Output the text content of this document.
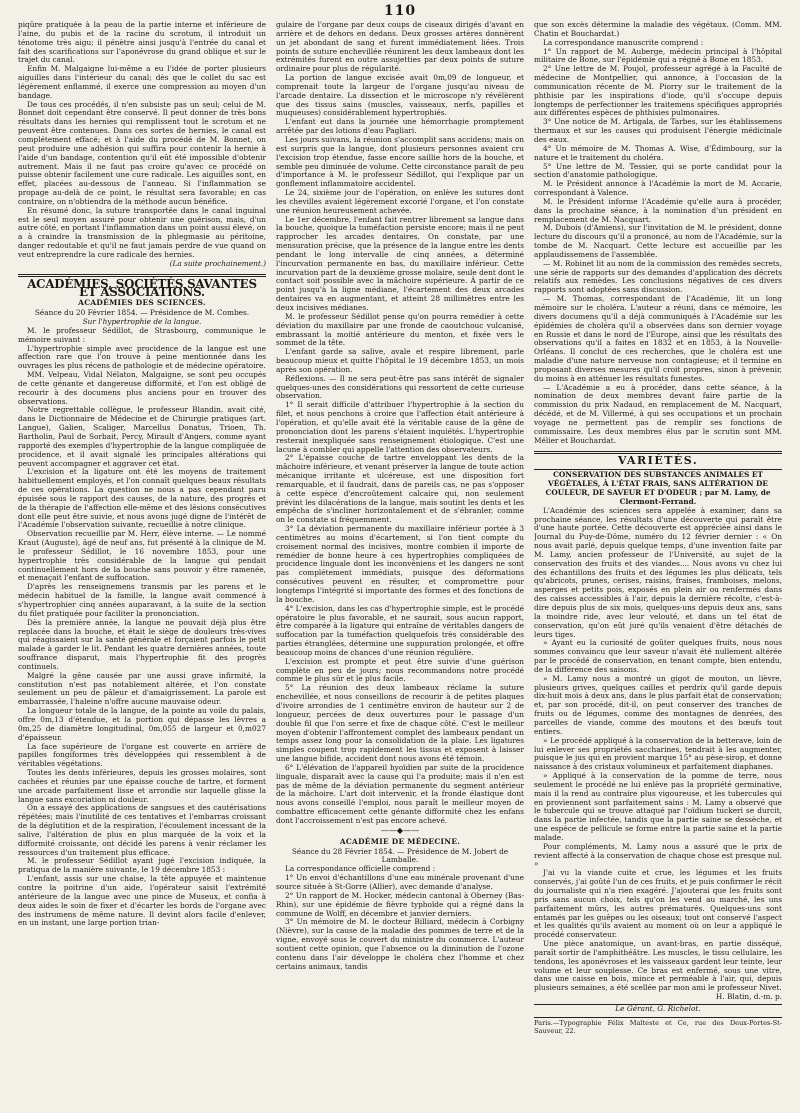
110

piqûre pratiquée à la peau de la partie interne et inférieure de l'aine, du pubis et de la racine du scrotum, il introduit un ténotome très aigu; il pénètre ainsi jusqu'à l'entrée du canal et fait des scarifications sur l'aponévrose du grand oblique et sur le trajet du canal.

Enfin M. Malgaigne lui-même a eu l'idée de porter plusieurs aiguilles dans l'intérieur du canal; dès que le collet du sac est légèrement enflammé, il exerce une compression au moyen d'un bandage.

De tous ces procédés, il n'en subsiste pas un seul; celui de M. Bonnet doit cependant être conservé. Il peut donner de très bons résultats dans les hernies qui remplissent tout le scrotum et ne peuvent être contenues. Dans ces sortes de hernies, le canal est complétement effacé; et à l'aide du procédé de M. Bonnet, on peut produire une adhésion qui suffira pour contenir la hernie à l'aide d'un bandage, contention qu'il eût été impossible d'obtenir autrement. Mais il ne faut pas croire qu'avec ce procédé on puisse obtenir facilement une cure radicale. Les aiguilles sont, en effet, placées au-dessous de l'anneau. Si l'inflammation se propage au-delà de ce point, le résultat sera favorable; en cas contraire, on n'obtiendra de la méthode aucun bénéfice.

En résumé donc, la suture transportée dans le canal inguinal est le seul moyen assuré pour obtenir une guérison, mais, d'un autre côté, en portant l'inflammation dans un point aussi élevé, on a à craindre la transmission de la phlegmasie au péritoine, danger redoutable et qu'il ne faut jamais perdre de vue quand on veut entreprendre la cure radicale des hernies.

(La suite prochainement.)
ACADÉMIES, SOCIÉTÉS SAVANTES ET ASSOCIATIONS.
ACADÉMIES DES SCIENCES.
Séance du 20 Février 1854. — Présidence de M. Combes.
Sur l'hypertrophie de la langue.

M. le professeur Sédillot, de Strasbourg, communique le mémoire suivant :

L'hypertrophie simple avec procidence de la langue est une affection rare que l'on trouve à peine mentionnée dans les ouvrages les plus récens de pathologie et de médecine opératoire.

MM. Velpeau, Vidal Nélaton, Malgaigne, se sont peu occupés de cette génante et dangereuse difformité, et l'on est obligé de recourir à des documens plus anciens pour en trouver des observations.

Notre regrettable collègue, le professeur Blandin, avait cité, dans le Dictionnaire de Médecine et de Chirurgie pratiques (art. Langue), Galien, Scaliger, Marcellus Donatus, Trioen, Th. Bartholin, Paul de Sorbait, Percy, Mirault d'Angers, comme ayant rapporté des exemples d'hypertrophie de la langue compliquée de procidence, et il avait signalé les principales altérations qui peuvent accompagner et aggraver cet état.

L'excision et la ligature ont été les moyens de traitement habituellement employés, et l'on connaît quelques beaux résultats de ces opérations. La question ne nous a pas cependant paru épuisée sous le rapport des causes, de la nature, des progrès et de la thérapie de l'affection elle-même et des lésions consécutives dont elle peut être suivie, et nous avons jugé digne de l'intérêt de l'Académie l'observation suivante, recueillie à notre clinique.

Observation recueillie par M. Herr, élève interne. — Le nommé Kraut (Auguste), âgé de neuf ans, fut présenté à la clinique de M. le professeur Sédillot, le 16 novembre 1853, pour une hypertrophie très considérable de la langue qui pendait continuellement hors de la bouche sans pouvoir y être ramenée, et menaçait l'enfant de suffocation.

D'après les renseignemens transmis par les parens et le médecin habituel de la famille, la langue avait commencé à s'hypertrophier cinq années auparavant, à la suite de la section du filet pratiquée pour faciliter la prononciation.

Dès la première année, la langue ne pouvait déjà plus être replacée dans la bouche, et était le siège de douleurs très-vives qui réagissaient sur la santé générale et forçaient parfois le petit malade à garder le lit. Pendant les quatre dernières années, toute souffrance disparut, mais l'hypertrophie fit des progrès continuels.

Malgré la gêne causée par une aussi grave infirmité, la constitution n'est pas notablement altérée, et l'on constate seulement un peu de pâleur et d'amaigrissement. La parole est embarrassée, l'haleine n'offre aucune mauvaise odeur.

La longueur totale de la langue, de la pointe au voile du palais, offre 0m,13 d'étendue, et la portion qui dépasse les lèvres a 0m,25 de diamètre longitudinal, 0m,055 de largeur et 0,m027 d'épaisseur.

La face supérieure de l'organe est couverte en arrière de papilles fongiformes très développées qui ressemblent à de véritables végétations.

Toutes les dents inférieures, depuis les grosses molaires, sont cachées et réunies par une épaisse couche de tartre, et forment une arcade parfaitement lisse et arrondie sur laquelle glisse la langue sans excoriation ni douleur.

On a essayé des applications de sangsues et des cautérisations répétées; mais l'inutilité de ces tentatives et l'embarras croissant de la déglutition et de la respiration, l'écoulement incessant de la salive, l'altération de plus en plus marquée de la voix et la difformité croissante, ont décidé les parens à venir réclamer les ressources d'un traitement plus efficace.

M. le professeur Sédillot ayant jugé l'excision indiquée, la pratiqua de la manière suivante, le 19 décembre 1853 :

L'enfant, assis sur une chaise, la tête appuyée et maintenue contre la poitrine d'un aide, l'opérateur saisit l'extrémité antérieure de la langue avec une pince de Museux, et confia à deux aides le soin de fixer et d'écarter les bords de l'organe avec des instrumens de même nature. Il devint alors facile d'enlever, en un instant, une large portion trian-

gulaire de l'organe par deux coups de ciseaux dirigés d'avant en arrière et de dehors en dedans. Deux grosses artères donnèrent un jet abondant de sang et furent immédiatement liées. Trois points de suture enchevillée réunirent les deux lambeaux dont les extrémités furent en outre assujetties par deux points de suture ordinaire pour plus de régularité.

La portion de langue excisée avait 0m,09 de longueur, et comprenait toute la largeur de l'organe jusqu'au niveau de l'arcade dentaire. La dissection et le microscope n'y révélèrent que des tissus sains (muscles, vaisseaux, nerfs, papilles et muqueuses) considérablement hypertrophiés.

L'enfant eut dans la journée une hémorrhagie promptement arrêtée par des lotions d'eau Pagliari.

Les jours suivans, la réunion s'accomplit sans accidens; mais on est surpris que la langue, dont plusieurs personnes avaient cru l'excision trop étendue, fasse encore saillie hors de la bouche, et semble peu diminuée de volume. Cette circonstance paraît de peu d'importance à M. le professeur Sédillot, qui l'explique par un gonflement inflammatoire accidentel.

Le 24, sixième jour de l'opération, on enlève les sutures dont les chevilles avaient légèrement excorié l'organe, et l'on constate une réunion heureusement achevée.

Le 1er décembre, l'enfant fait rentrer librement sa langue dans la bouche, quoique la tuméfaction persiste encore; mais il ne peut rapprocher les arcades dentaires. On constate, par une mensuration précise, que la présence de la langue entre les dents pendant le long intervalle de cinq années, a déterminé l'incurvation permanente en bas, du maxillaire inférieur. Cette incurvation part de la deuxième grosse molaire, seule dent dont le contact soit possible avec la mâchoire supérieure. À partir de ce point jusqu'à la ligne médiane, l'écartement des deux arcades dentaires va en augmentant, et atteint 28 millimètres entre les deux incisives médianes.

M. le professeur Sédillot pense qu'on pourra remédier à cette déviation du maxillaire par une fronde de caoutchouc vulcanisé, embrassant la moitié antérieure du menton, et fixée vers le sommet de la tête.

L'enfant garde sa salive, avale et respire librement, parle beaucoup mieux et quitte l'hôpital le 19 décembre 1853, un mois après son opération.

Réflexions. — Il ne sera peut-être pas sans intérêt de signaler quelques-unes des considérations qui ressortent de cette curieuse observation.

1° Il serait difficile d'attribuer l'hypertrophie à la section du filet, et nous penchons à croire que l'affection était antérieure à l'opération, et qu'elle avait été la véritable cause de la gêne de prononciation dont les parens s'étaient inquiétés. L'hypertrophie resterait inexpliquée sans renseignement étiologique. C'est une lacune à combler qui appelle l'attention des observateurs.

2° L'épaisse couche de tartre enveloppant les dents de la mâchoire inférieure, et venant préserver la langue de toute action mécanique irritante et ulcéreuse, est une disposition fort remarquable, et il faudrait, dans de pareils cas, ne pas s'opposer à cette espèce d'encroûtement calcaire qui, non seulement prévint les dilacérations de la langue, mais soutint les dents et les empêcha de s'incliner horizontalement et de s'ébranler, comme on le constate si fréquemment.

3° La déviation permanente du maxillaire inférieur portée à 3 centimètres au moins d'écartement, si l'on tient compte du croisement normal des incisives, montre combien il importe de remédier de bonne heure à ces hypertrophies compliquées de procidence linguale dont les inconvéniens et les dangers ne sont pas complétement immédiats, puisque des déformations consécutives peuvent en résulter, et compromettre pour longtemps l'intégrité si importante des formes et des fonctions de la bouche.

4° L'excision, dans les cas d'hypertrophie simple, est le procédé opératoire le plus favorable, et ne saurait, sous aucun rapport, être comparée à la ligature qui entraîne de véritables dangers de suffocation par la tuméfaction quelquefois très considérable des parties étranglées, détermine une suppuration prolongée, et offre beaucoup moins de chances d'une réunion régulière.

L'excision est prompte et peut être suivie d'une guérison complète en peu de jours; nous recommandons notre procédé comme le plus sûr et le plus facile.

5° La réunion des deux lambeaux réclame la suture enchevillée, et nous conseillons de recourir à de petites plaques d'ivoire arrondies de 1 centimètre environ de hauteur sur 2 de longueur, percées de deux ouvertures pour le passage d'un double fil que l'on serre et fixe de chaque côté. C'est le meilleur moyen d'obtenir l'affrontement complet des lambeaux pendant un temps assez long pour la consolidation de la plaie. Les ligatures simples coupent trop rapidement les tissus et exposent à laisser une langue bifide, accident dont nous avons été témoin.

6° L'élévation de l'appareil hyoïdien par suite de la procidence linguale, disparaît avec la cause qui l'a produite; mais il n'en est pas de même de la déviation permanente du segment antérieur de la mâchoire. L'art doit intervenir, et la fronde élastique dont nous avons conseillé l'emploi, nous paraît le meilleur moyen de combattre efficacement cette génante difformité chez les enfans dont l'accroissement n'est pas encore achevé.

——◆——
ACADÉMIE DE MÉDECINE.
Séance du 28 Février 1854. — Présidence de M. Jobert de Lamballe.

La correspondance officielle comprend :

1° Un envoi d'échantillons d'une eau minérale provenant d'une source située à St-Gorre (Allier), avec demande d'analyse.

2° Un rapport de M. Hocker, médecin cantonal à Oberney (Bas-Rhin), sur une épidémie de fièvre typhoïde qui a régné dans la commune de Wolff, en décembre et janvier derniers.

3° Un mémoire de M. le docteur Billiard, médecin à Corbigny (Nièvre), sur la cause de la maladie des pommes de terre et de la vigne, envoyé sous le couvert du ministre du commerce. L'auteur soutient cette opinion, que l'absence ou la diminution de l'ozone contenu dans l'air développe le choléra chez l'homme et chez certains animaux, tandis

que son excès détermine la maladie des végétaux. (Comm. MM. Chatin et Bouchardat.)

La correspondance manuscrite comprend :

1° Un rapport de M. Auberge, médecin principal à l'hôpital militaire de Bone, sur l'épidémie qui a régné à Bone en 1853.

2° Une lettre de M. Poujol, professeur agrégé à la Faculté de médecine de Montpellier, qui annonce, à l'occasion de la communication récente de M. Piorry sur le traitement de la phthisie par les inspirations d'iode, qu'il s'occupe depuis longtemps de perfectionner les traitemens spécifiques appropriés aux différentes espèces de phthisies pulmonaires.

3° Une notice de M. Artigala, de Tarbes, sur les établissemens thermaux et sur les causes qui produisent l'énergie médicinale des eaux.

4° Un mémoire de M. Thomas A. Wise, d'Édimbourg, sur la nature et le traitement du choléra.

5° Une lettre de M. Tessier, qui se porte candidat pour la section d'anatomie pathologique.

M. le Président annonce à l'Académie la mort de M. Accarie, correspondant à Valence.

M. le Président informe l'Académie qu'elle aura à procéder, dans la prochaine séance, à la nomination d'un président en remplacement de M. Nacquart.

M. Dubois (d'Amiens), sur l'invitation de M. le président, donne lecture du discours qu'il a prononcé, au nom de l'Académie, sur la tombe de M. Nacquart. Cette lecture est accueillie par les applaudissemens de l'assemblée.

— M. Robinet lit au nom de la commission des remèdes secrets, une série de rapports sur des demandes d'application des décrets relatifs aux remèdes. Les conclusions négatives de ces divers rapports sont adoptées sans discussion.

— M. Thomas, correspondant de l'Académie, lit un long mémoire sur le choléra. L'auteur a réuni, dans ce mémoire, les divers documens qu'il a déjà communiqués à l'Académie sur les épidémies de choléra qu'il a observées dans son dernier voyage en Russie et dans le nord de l'Europe, ainsi que les résultats des observations qu'il a faites en 1832 et en 1853, à la Nouvelle-Orléans. Il conclut de ces recherches, que le choléra est une maladie d'une nature nerveuse non contagieuse; et il termine en proposant diverses mesures qu'il croit propres, sinon à prévenir, du moins à en atténuer les résultats funestes.

— L'Académie a eu à procéder, dans cette séance, à la nomination de deux membres devant faire partie de la commission du prix Nadaud, en remplacement de M. Nacquart, décédé, et de M. Villermé, à qui ses occupations et un prochain voyage ne permettent pas de remplir ses fonctions de commissaire. Les deux membres élus par le scrutin sont MM. Mélier et Bouchardat.

VARIÉTÉS.

CONSERVATION DES SUBSTANCES ANIMALES ET VÉGÉTALES, À L'ÉTAT FRAIS, SANS ALTÉRATION DE COULEUR, DE SAVEUR ET D'ODEUR ; par M. Lamy, de Clermont-Ferrand.

L'Académie des sciences sera appelée à examiner, dans sa prochaine séance, les résultats d'une découverte qui paraît être d'une haute portée. Cette découverte est appréciée ainsi dans le Journal du Puy-de-Dôme, numéro du 12 février dernier : « On nous avait parlé, depuis quelque temps, d'une invention faite par M. Lamy, ancien professeur de l'Université, au sujet de la conservation des fruits et des viandes.... Nous avons vu chez lui des échantillons des fruits et des légumes les plus délicats, tels qu'abricots, prunes, cerises, raisins, fraises, framboises, melons, asperges et petits pois, exposés en plein air ou renfermés dans des caisses accessibles à l'air, depuis la dernière récolte, c'est-à-dire depuis plus de six mois, quelques-uns depuis deux ans, sans la moindre ride, avec leur velouté, et dans un tel état de conservation, qu'on eût juré qu'ils venaient d'être détachés de leurs tiges.

» Ayant eu la curiosité de goûter quelques fruits, nous nous sommes convaincu que leur saveur n'avait été nullement altérée par le procédé de conservation, en tenant compte, bien entendu, de la différence des saisons.

» M. Lamy nous a montré un gigot de mouton, un lièvre, plusieurs grives, quelques cailles et perdrix qu'il garde depuis dix-huit mois à deux ans, dans le plus parfait état de conservation; et, par son procédé, dit-il, on peut conserver des tranches de fruits ou de légumes, comme des montagnes de denrées, des parcelles de viande, comme des moutons et des bœufs tout entiers.

» Le procédé appliqué à la conservation de la betterave, loin de lui enlever ses propriétés saccharines, tendrait à les augmenter, puisque le jus qui en provient marque 15° au pèse-sirop, et donne naissance à des cristaux volumineux et parfaitement diaphanes.

» Appliqué à la conservation de la pomme de terre, nous seulement le procédé ne lui enlève pas la propriété germinative, mais il la rend au contraire plus vigoureuse, et les tubercules qui en proviennent sont parfaitement sains : M. Lamy a observé que le tubercule qui se trouve attaqué par l'oïdium tuckeri se durcit, dans la partie infectée, tandis que la partie saine se dessèche, et une espèce de pellicule se forme entre la partie saine et la partie malade.

Pour compléments, M. Lamy nous a assuré que le prix de revient affecté à la conservation de chaque chose est presque nul. »

J'ai vu la viande cuite et crue, les légumes et les fruits conservés, j'ai goûté l'un de ces fruits, et je puis confirmer le récit du journaliste qui n'a rien exagéré. J'ajouterai que les fruits sont pris sans aucun choix, tels qu'on les vend au marché, les uns parfaitement mûrs, les autres prématurés. Quelques-uns sont entamés par les guêpes ou les oiseaux; tout ont conservé l'aspect et les qualités qu'ils avaient au moment où on leur a appliqué le procédé conservateur.

Une pièce anatomique, un avant-bras, en partie disséqué, paraît sortir de l'amphithéâtre. Les muscles, le tissu cellulaire, les tendons, les aponévroses et les vaisseaux gardent leur teinte, leur volume et leur souplesse. Ce bras est enfermé, sous une vitre, dans une caisse en bois, mince et perméable à l'air, qui, depuis plusieurs semaines, a été scellée par mon ami le professeur Nivet.

H. Blatin, d.-m. p.
Le Gérant, G. Richelot.
Paris.—Typographie Félix Malteste et Ce, rue des Deux-Portes-St-Sauveur, 22.
